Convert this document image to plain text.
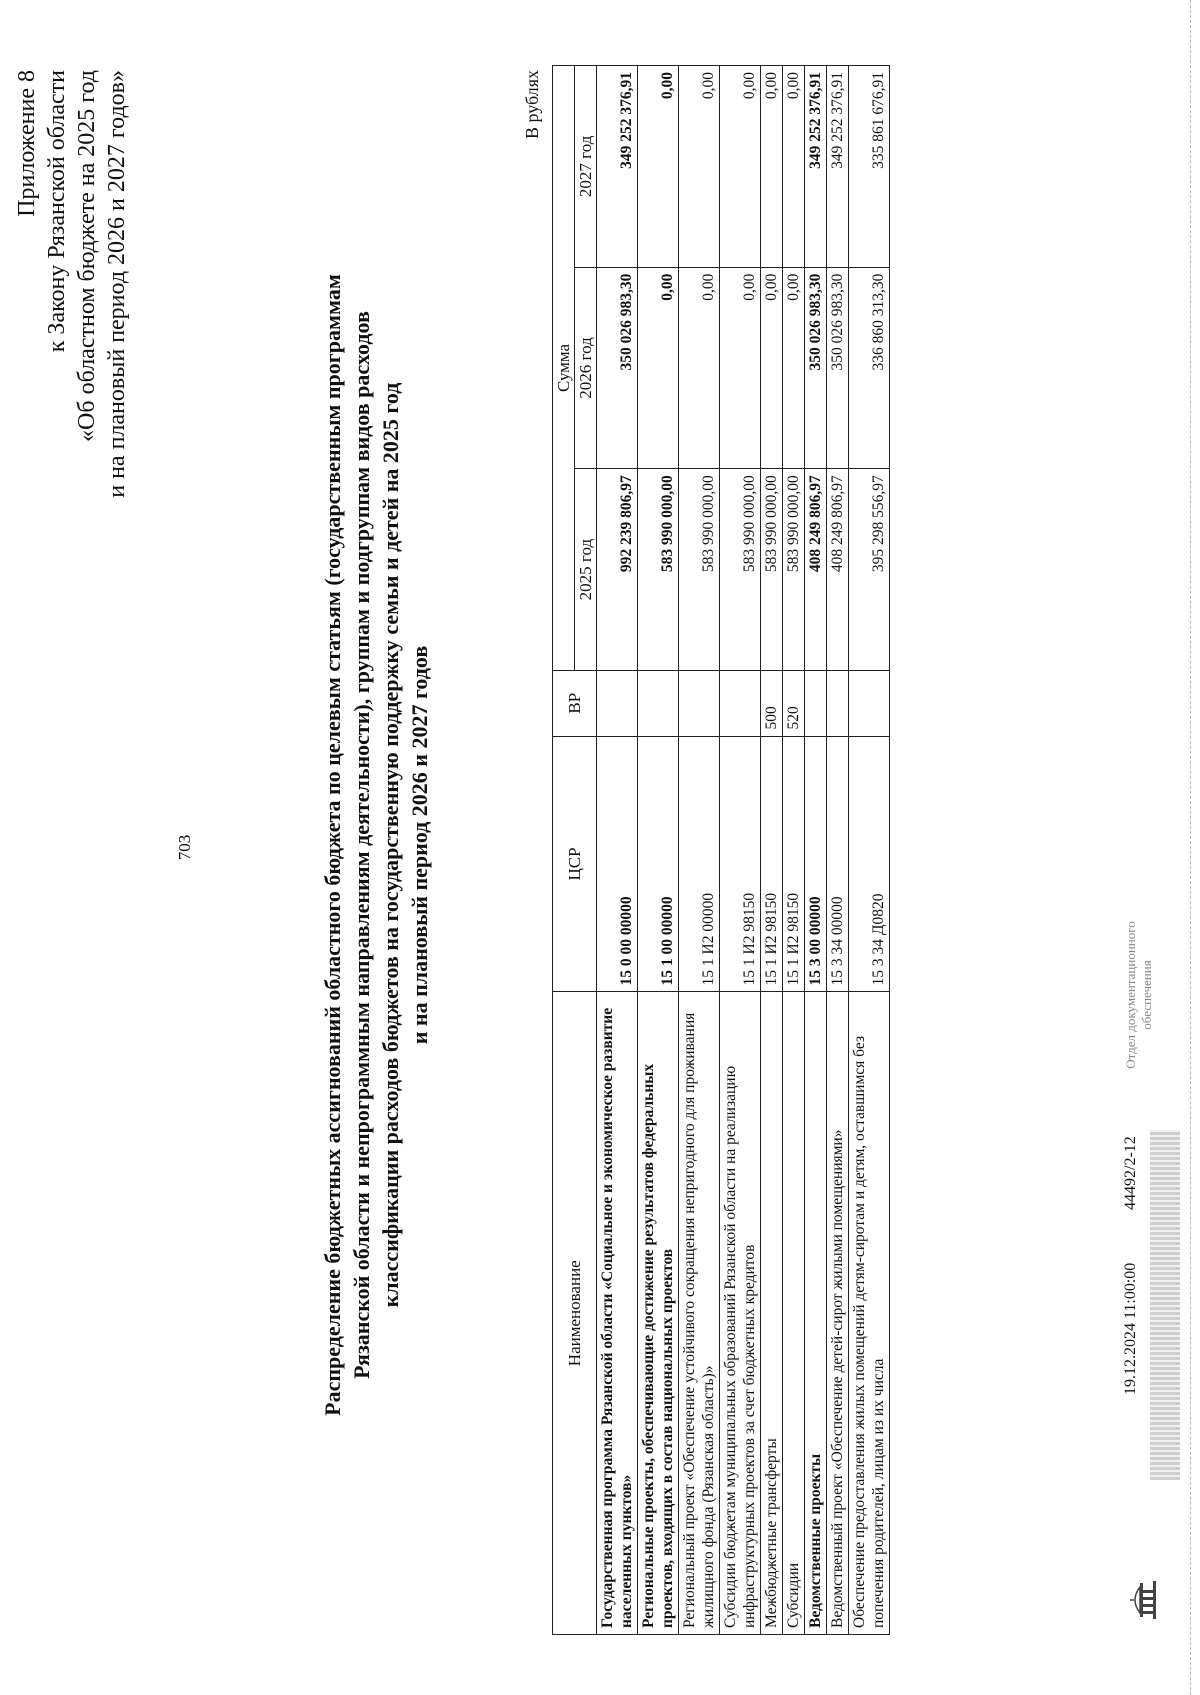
703
Приложение 8 к Закону Рязанской области «Об областном бюджете на 2025 год и на плановый период 2026 и 2027 годов»	Распределение бюджетных ассигнований областного бюджета по целевым статьям (государственным программам Рязанской области и непрограммным направлениям деятельности), группам и подгруппам видов расходов классификации расходов бюджетов на государственную поддержку семьи и детей на 2025 год и на плановый период 2026 и 2027 годов
В рублях
Наименование	ЦСР	ВР	Сумма		
			2025 год	2026 год	2027 год
Государственная программа Рязанской области «Социальное и экономическое развитие населенных пунктов»	15 0 00 00000		992 239 806,97	350 026 983,30	349 252 376,91
Региональные проекты, обеспечивающие достижение результатов федеральных проектов, входящих в состав национальных проектов	15 1 00 00000		583 990 000,00	0,00	0,00
Региональный проект «Обеспечение устойчивого сокращения непригодного для проживания жилищного фонда (Рязанская область)»	15 1 И2 00000		583 990 000,00	0,00	0,00
Субсидии бюджетам муниципальных образований Рязанской области на реализацию инфраструктурных проектов за счет бюджетных кредитов	15 1 И2 98150		583 990 000,00	0,00	0,00
Межбюджетные трансферты	15 1 И2 98150	500	583 990 000,00	0,00	0,00
Субсидии	15 1 И2 98150	520	583 990 000,00	0,00	0,00
Ведомственные проекты	15 3 00 00000		408 249 806,97	350 026 983,30	349 252 376,91
Ведомственный проект «Обеспечение детей-сирот жилыми помещениями»	15 3 34 00000		408 249 806,97	350 026 983,30	349 252 376,91
Обеспечение предоставления жилых помещений детям-сиротам и детям, оставшимся без попечения родителей, лицам из их числа	15 3 34 Д0820		395 298 556,97	336 860 313,30	335 861 676,91
19.12.2024 11:00:00
44492/2-12
Отдел документационного обеспечения
